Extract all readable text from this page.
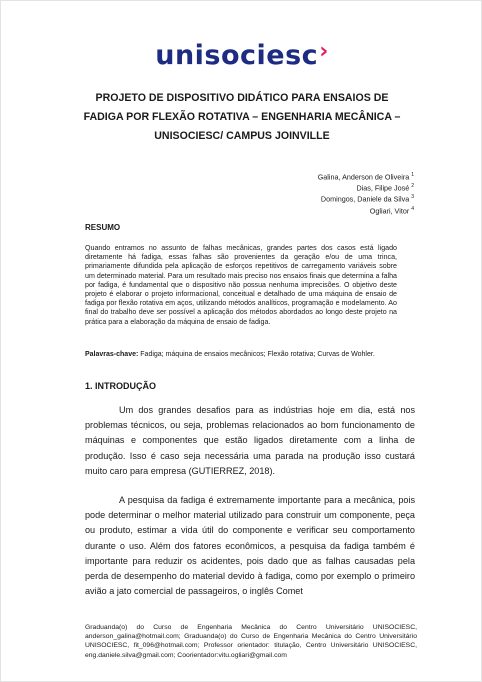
unisociesc›
PROJETO DE DISPOSITIVO DIDÁTICO PARA ENSAIOS DE
FADIGA POR FLEXÃO ROTATIVA – ENGENHARIA MECÂNICA –
UNISOCIESC/ CAMPUS JOINVILLE
Galina, Anderson de Oliveira $^1$
Dias, Filipe José $^2$
Domingos, Daniele da Silva $^3$
Ogliari, Vitor $^4$
RESUMO
Quando entramos no assunto de falhas mecânicas, grandes partes dos casos está ligado diretamente há fadiga, essas falhas são provenientes da geração e/ou de uma trinca, primariamente difundida pela aplicação de esforços repetitivos de carregamento variáveis sobre um determinado material. Para um resultado mais preciso nos ensaios finais que determina a falha por fadiga, é fundamental que o dispositivo não possua nenhuma imprecisões. O objetivo deste projeto é elaborar o projeto informacional, conceitual e detalhado de uma máquina de ensaio de fadiga por flexão rotativa em aços, utilizando métodos analíticos, programação e modelamento. Ao final do trabalho deve ser possível a aplicação dos métodos abordados ao longo deste projeto na prática para a elaboração da máquina de ensaio de fadiga.
Palavras-chave: Fadiga; máquina de ensaios mecânicos; Flexão rotativa; Curvas de Wohler.
1. INTRODUÇÃO

Um dos grandes desafios para as indústrias hoje em dia, está nos problemas técnicos, ou seja, problemas relacionados ao bom funcionamento de máquinas e componentes que estão ligados diretamente com a linha de produção. Isso é caso seja necessária uma parada na produção isso custará muito caro para empresa (GUTIERREZ, 2018).

A pesquisa da fadiga é extremamente importante para a mecânica, pois pode determinar o melhor material utilizado para construir um componente, peça ou produto, estimar a vida útil do componente e verificar seu comportamento durante o uso. Além dos fatores econômicos, a pesquisa da fadiga também é importante para reduzir os acidentes, pois dado que as falhas causadas pela perda de desempenho do material devido à fadiga, como por exemplo o primeiro avião a jato comercial de passageiros, o inglês Comet

Graduanda(o) do Curso de Engenharia Mecânica do Centro Universitário UNISOCIESC, anderson_galina@hotmail.com; Graduanda(o) do Curso de Engenharia Mecânica do Centro Universitário UNISOCIESC, fit_096@hotmail.com; Professor orientador: titulação, Centro Universitário UNISOCIESC, eng.daniele.silva@gmail.com; Coorientador:vitu.ogliari@gmail.com
